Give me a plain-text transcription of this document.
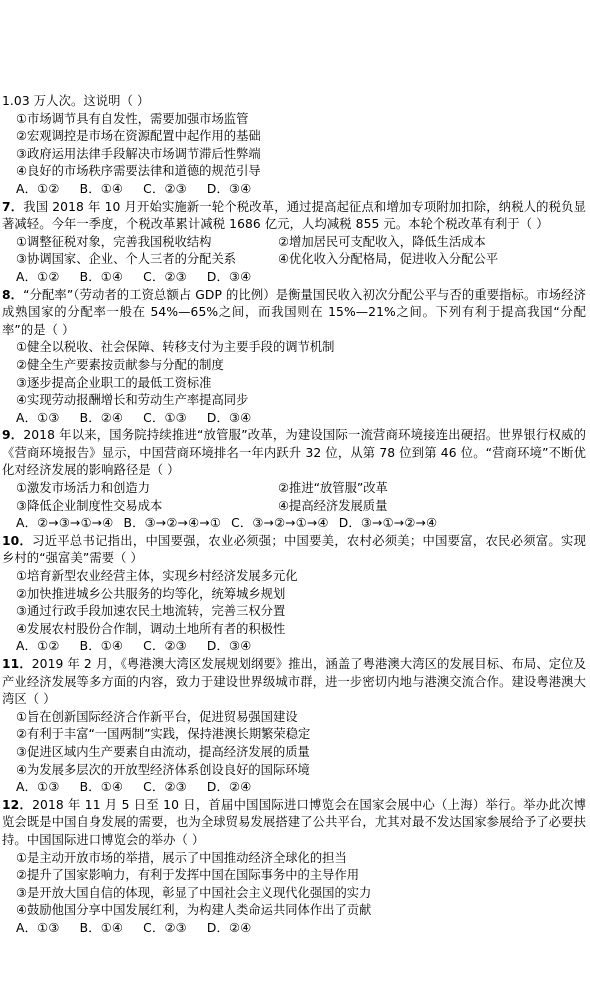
1.03 万人次。这说明（ ）

①市场调节具有自发性，需要加强市场监管

②宏观调控是市场在资源配置中起作用的基础

③政府运用法律手段解决市场调节滞后性弊端

④良好的市场秩序需要法律和道德的规范引导

A．①② B．①④ C．②③ D．③④

7．我国 2018 年 10 月开始实施新一轮个税改革，通过提高起征点和增加专项附加扣除，纳税人的税负显著减轻。今年一季度，个税改革累计减税 1686 亿元，人均减税 855 元。本轮个税改革有利于（ ）

①调整征税对象，完善我国税收结构	②增加居民可支配收入，降低生活成本
③协调国家、企业、个人三者的分配关系	④优化收入分配格局，促进收入分配公平

A．①② B．①④ C．②③ D．③④

8．“分配率”（劳动者的工资总额占 GDP 的比例）是衡量国民收入初次分配公平与否的重要指标。市场经济成熟国家的分配率一般在 54%—65%之间，而我国则在 15%—21%之间。下列有利于提高我国“分配率”的是（ ）

①健全以税收、社会保障、转移支付为主要手段的调节机制

②健全生产要素按贡献参与分配的制度

③逐步提高企业职工的最低工资标准

④实现劳动报酬增长和劳动生产率提高同步

A．①③ B．②④ C．①③ D．③④

9．2018 年以来，国务院持续推进“放管服”改革，为建设国际一流营商环境接连出硬招。世界银行权威的《营商环境报告》显示，中国营商环境排名一年内跃升 32 位，从第 78 位到第 46 位。“营商环境”不断优化对经济发展的影响路径是（ ）

①激发市场活力和创造力	②推进“放管服”改革
③降低企业制度性交易成本	④提高经济发展质量

A．②→③→①→④ B．③→②→④→① C．③→②→①→④ D．③→①→②→④

10．习近平总书记指出，中国要强，农业必须强；中国要美，农村必须美；中国要富，农民必须富。实现乡村的“强富美”需要（ ）

①培育新型农业经营主体，实现乡村经济发展多元化

②加快推进城乡公共服务的均等化，统筹城乡规划

③通过行政手段加速农民土地流转，完善三权分置

④发展农村股份合作制，调动土地所有者的积极性

A．①② B．①④ C．②③ D．③④

11．2019 年 2 月，《粤港澳大湾区发展规划纲要》推出，涵盖了粤港澳大湾区的发展目标、布局、定位及产业经济发展等多方面的内容，致力于建设世界级城市群，进一步密切内地与港澳交流合作。建设粤港澳大湾区（ ）

①旨在创新国际经济合作新平台，促进贸易强国建设

②有利于丰富“一国两制”实践，保持港澳长期繁荣稳定

③促进区域内生产要素自由流动，提高经济发展的质量

④为发展多层次的开放型经济体系创设良好的国际环境

A．①③ B．①④ C．②③ D．②④

12．2018 年 11 月 5 日至 10 日，首届中国国际进口博览会在国家会展中心（上海）举行。举办此次博览会既是中国自身发展的需要，也为全球贸易发展搭建了公共平台，尤其对最不发达国家参展给予了必要扶持。中国国际进口博览会的举办（ ）

①是主动开放市场的举措，展示了中国推动经济全球化的担当

②提升了国家影响力，有利于发挥中国在国际事务中的主导作用

③是开放大国自信的体现，彰显了中国社会主义现代化强国的实力

④鼓励他国分享中国发展红利，为构建人类命运共同体作出了贡献

A．①③ B．①④ C．②③ D．②④
